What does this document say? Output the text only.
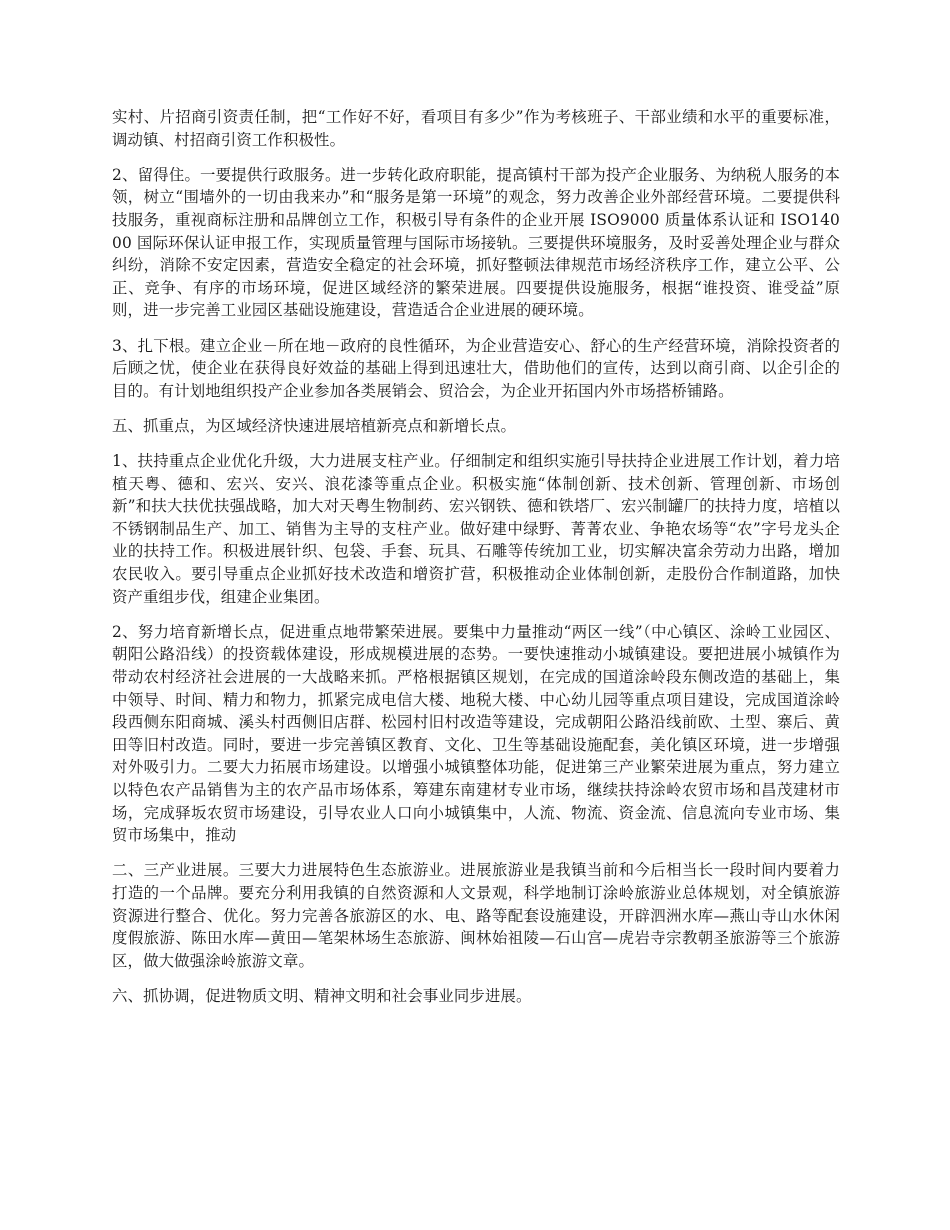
实村、片招商引资责任制，把“工作好不好，看项目有多少”作为考核班子、干部业绩和水平的重要标准，调动镇、村招商引资工作积极性。

2、留得住。一要提供行政服务。进一步转化政府职能，提高镇村干部为投产企业服务、为纳税人服务的本领，树立“围墙外的一切由我来办”和“服务是第一环境”的观念，努力改善企业外部经营环境。二要提供科技服务，重视商标注册和品牌创立工作，积极引导有条件的企业开展 ISO9000 质量体系认证和 ISO14000 国际环保认证申报工作，实现质量管理与国际市场接轨。三要提供环境服务，及时妥善处理企业与群众纠纷，消除不安定因素，营造安全稳定的社会环境，抓好整顿法律规范市场经济秩序工作，建立公平、公正、竞争、有序的市场环境，促进区域经济的繁荣进展。四要提供设施服务，根据“谁投资、谁受益”原则，进一步完善工业园区基础设施建设，营造适合企业进展的硬环境。

3、扎下根。建立企业－所在地－政府的良性循环，为企业营造安心、舒心的生产经营环境，消除投资者的后顾之忧，使企业在获得良好效益的基础上得到迅速壮大，借助他们的宣传，达到以商引商、以企引企的目的。有计划地组织投产企业参加各类展销会、贸洽会，为企业开拓国内外市场搭桥铺路。

五、抓重点，为区域经济快速进展培植新亮点和新增长点。

1、扶持重点企业优化升级，大力进展支柱产业。仔细制定和组织实施引导扶持企业进展工作计划，着力培植天粤、德和、宏兴、安兴、浪花漆等重点企业。积极实施“体制创新、技术创新、管理创新、市场创新”和扶大扶优扶强战略，加大对天粤生物制药、宏兴钢铁、德和铁塔厂、宏兴制罐厂的扶持力度，培植以不锈钢制品生产、加工、销售为主导的支柱产业。做好建中绿野、菁菁农业、争艳农场等“农”字号龙头企业的扶持工作。积极进展针织、包袋、手套、玩具、石雕等传统加工业，切实解决富余劳动力出路，增加农民收入。要引导重点企业抓好技术改造和增资扩营，积极推动企业体制创新，走股份合作制道路，加快资产重组步伐，组建企业集团。

2、努力培育新增长点，促进重点地带繁荣进展。要集中力量推动“两区一线”（中心镇区、涂岭工业园区、朝阳公路沿线）的投资载体建设，形成规模进展的态势。一要快速推动小城镇建设。要把进展小城镇作为带动农村经济社会进展的一大战略来抓。严格根据镇区规划，在完成的国道涂岭段东侧改造的基础上，集中领导、时间、精力和物力，抓紧完成电信大楼、地税大楼、中心幼儿园等重点项目建设，完成国道涂岭段西侧东阳商城、溪头村西侧旧店群、松园村旧村改造等建设，完成朝阳公路沿线前欧、土型、寨后、黄田等旧村改造。同时，要进一步完善镇区教育、文化、卫生等基础设施配套，美化镇区环境，进一步增强对外吸引力。二要大力拓展市场建设。以增强小城镇整体功能，促进第三产业繁荣进展为重点，努力建立以特色农产品销售为主的农产品市场体系，筹建东南建材专业市场，继续扶持涂岭农贸市场和昌茂建材市场，完成驿坂农贸市场建设，引导农业人口向小城镇集中，人流、物流、资金流、信息流向专业市场、集贸市场集中，推动

二、三产业进展。三要大力进展特色生态旅游业。进展旅游业是我镇当前和今后相当长一段时间内要着力打造的一个品牌。要充分利用我镇的自然资源和人文景观，科学地制订涂岭旅游业总体规划，对全镇旅游资源进行整合、优化。努力完善各旅游区的水、电、路等配套设施建设，开辟泗洲水库—燕山寺山水休闲度假旅游、陈田水库—黄田—笔架林场生态旅游、闽林始祖陵—石山宫—虎岩寺宗教朝圣旅游等三个旅游区，做大做强涂岭旅游文章。

六、抓协调，促进物质文明、精神文明和社会事业同步进展。
